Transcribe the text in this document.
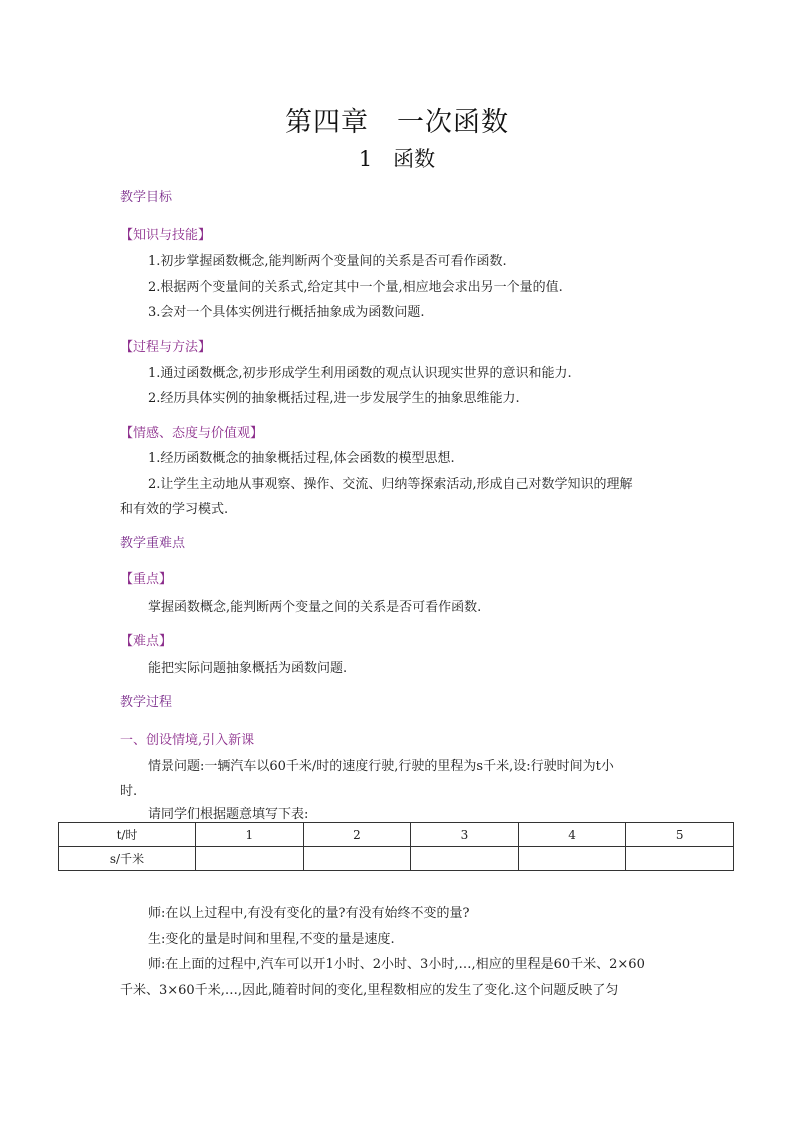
第四章　一次函数
1　函数
教学目标
【知识与技能】
1.初步掌握函数概念,能判断两个变量间的关系是否可看作函数.
2.根据两个变量间的关系式,给定其中一个量,相应地会求出另一个量的值.
3.会对一个具体实例进行概括抽象成为函数问题.
【过程与方法】
1.通过函数概念,初步形成学生利用函数的观点认识现实世界的意识和能力.
2.经历具体实例的抽象概括过程,进一步发展学生的抽象思维能力.
【情感、态度与价值观】
1.经历函数概念的抽象概括过程,体会函数的模型思想.
2.让学生主动地从事观察、操作、交流、归纳等探索活动,形成自己对数学知识的理解
和有效的学习模式.
教学重难点
【重点】
掌握函数概念,能判断两个变量之间的关系是否可看作函数.
【难点】
能把实际问题抽象概括为函数问题.
教学过程
一、创设情境,引入新课
情景问题:一辆汽车以60千米/时的速度行驶,行驶的里程为s千米,设:行驶时间为t小
时.
请同学们根据题意填写下表:
t/时	1	2	3	4	5
s/千米					
师:在以上过程中,有没有变化的量?有没有始终不变的量?
生:变化的量是时间和里程,不变的量是速度.
师:在上面的过程中,汽车可以开1小时、2小时、3小时,…,相应的里程是60千米、2×60
千米、3×60千米,…,因此,随着时间的变化,里程数相应的发生了变化.这个问题反映了匀
